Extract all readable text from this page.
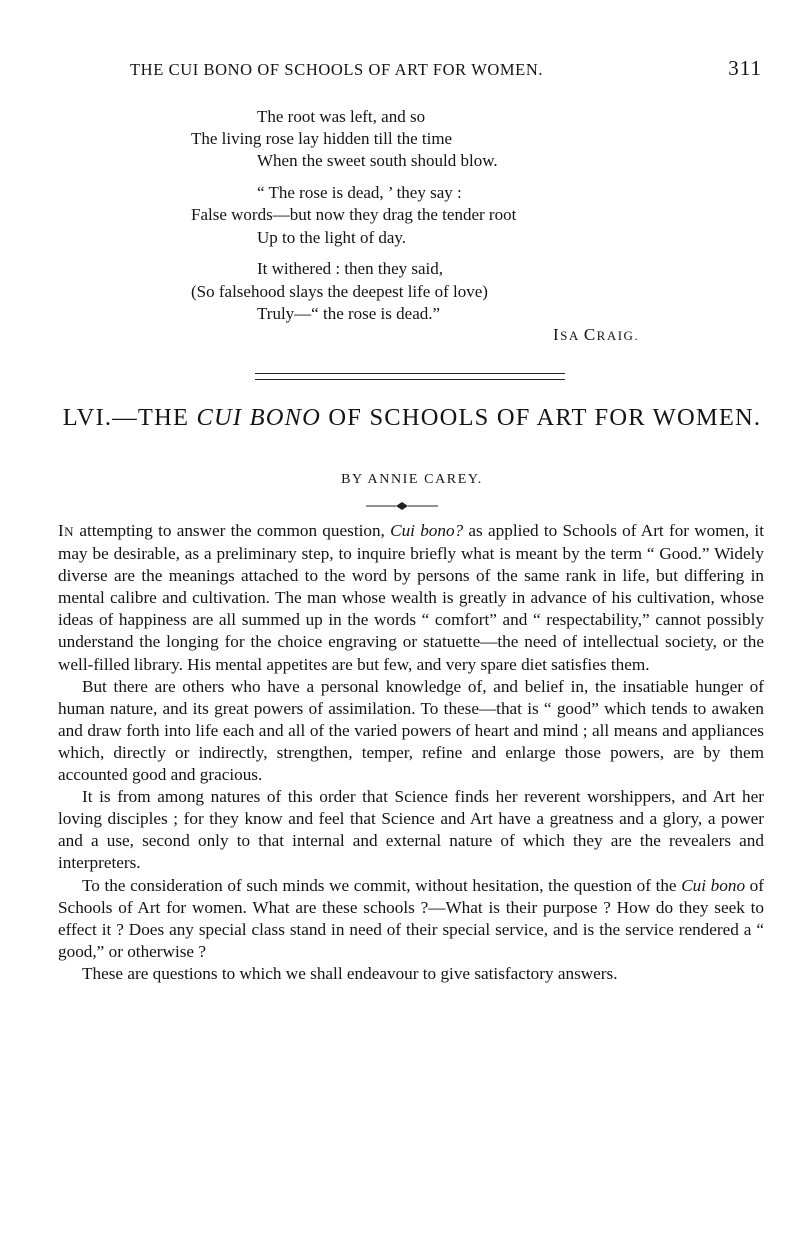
THE CUI BONO OF SCHOOLS OF ART FOR WOMEN.	311
The root was left, and so
The living rose lay hidden till the time
When the sweet south should blow.
“ The rose is dead, ’ they say :
False words—but now they drag the tender root
Up to the light of day.
It withered : then they said,
(So falsehood slays the deepest life of love)
Truly—“ the rose is dead.”
ISA CRAIG.
LVI.—THE CUI BONO OF SCHOOLS OF ART FOR WOMEN.
BY ANNIE CAREY.

IN attempting to answer the common question, Cui bono? as applied to Schools of Art for women, it may be desirable, as a preliminary step, to inquire briefly what is meant by the term “ Good.” Widely diverse are the meanings attached to the word by persons of the same rank in life, but differing in mental calibre and cultivation. The man whose wealth is greatly in advance of his cultivation, whose ideas of happiness are all summed up in the words “ comfort” and “ respectability,” cannot possibly understand the longing for the choice engraving or statuette—the need of intellectual society, or the well-filled library. His mental appetites are but few, and very spare diet satisfies them.

But there are others who have a personal knowledge of, and belief in, the insatiable hunger of human nature, and its great powers of assimilation. To these—that is “ good” which tends to awaken and draw forth into life each and all of the varied powers of heart and mind ; all means and appliances which, directly or indirectly, strengthen, temper, refine and enlarge those powers, are by them accounted good and gracious.

It is from among natures of this order that Science finds her reverent worshippers, and Art her loving disciples ; for they know and feel that Science and Art have a greatness and a glory, a power and a use, second only to that internal and external nature of which they are the revealers and interpreters.

To the consideration of such minds we commit, without hesitation, the question of the Cui bono of Schools of Art for women. What are these schools ?—What is their purpose ? How do they seek to effect it ? Does any special class stand in need of their special service, and is the service rendered a “ good,” or otherwise ?

These are questions to which we shall endeavour to give satisfactory answers.
